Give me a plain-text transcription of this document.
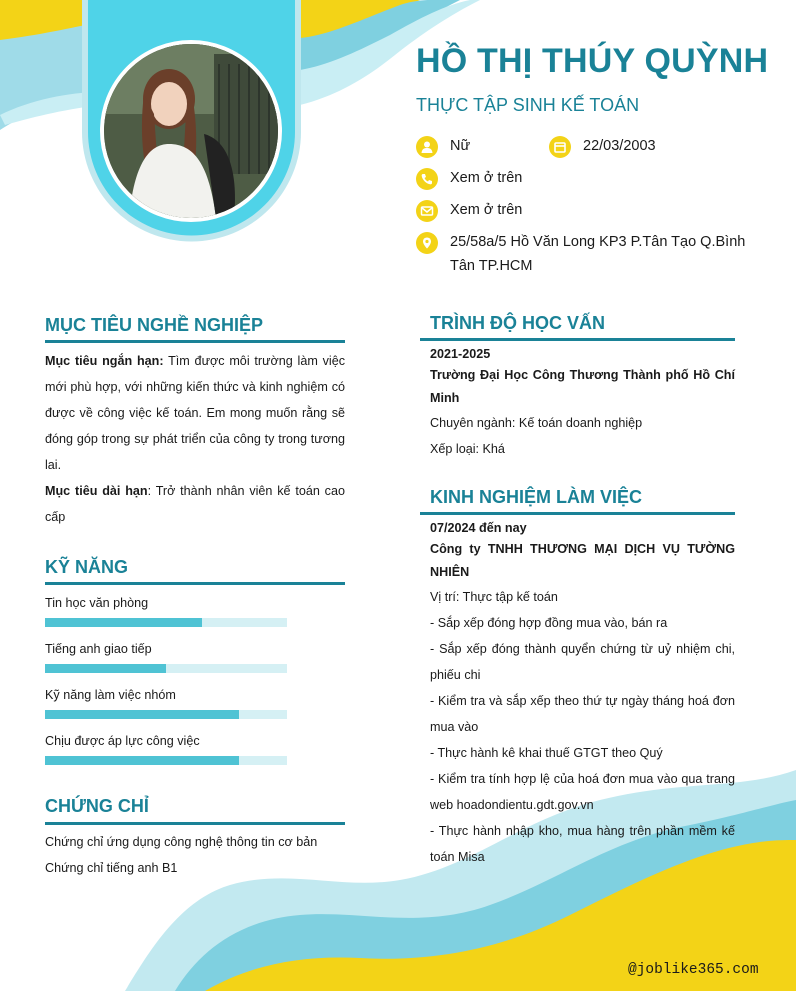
HỒ THỊ THÚY QUỲNH
THỰC TẬP SINH KẾ TOÁN
Nữ	22/03/2003
Xem ở trên
Xem ở trên
25/58a/5 Hồ Văn Long KP3 P.Tân Tạo Q.Bình
Tân TP.HCM
MỤC TIÊU NGHỀ NGHIỆP
Mục tiêu ngắn hạn: Tìm được môi trường làm việc mới phù hợp, với những kiến thức và kinh nghiệm có được về công việc kế toán. Em mong muốn rằng sẽ đóng góp trong sự phát triển của công ty trong tương lai.
Mục tiêu dài hạn: Trở thành nhân viên kế toán cao cấp
KỸ NĂNG
Tin học văn phòng
Tiếng anh giao tiếp
Kỹ năng làm việc nhóm
Chịu được áp lực công việc
CHỨNG CHỈ
Chứng chỉ ứng dụng công nghệ thông tin cơ bản
Chứng chỉ tiếng anh B1
TRÌNH ĐỘ HỌC VẤN
2021-2025
Trường Đại Học Công Thương Thành phố Hồ Chí Minh
Chuyên ngành: Kế toán doanh nghiệp
Xếp loại: Khá
KINH NGHIỆM LÀM VIỆC
07/2024 đến nay
Công ty TNHH THƯƠNG MẠI DỊCH VỤ TƯỜNG NHIÊN
Vị trí: Thực tập kế toán
- Sắp xếp đóng hợp đồng mua vào, bán ra
- Sắp xếp đóng thành quyển chứng từ uỷ nhiệm chi, phiếu chi
- Kiểm tra và sắp xếp theo thứ tự ngày tháng hoá đơn mua vào
- Thực hành kê khai thuế GTGT theo Quý
- Kiểm tra tính hợp lệ của hoá đơn mua vào qua trang web hoadondientu.gdt.gov.vn
- Thực hành nhập kho, mua hàng trên phần mềm kế toán Misa
@joblike365.com
